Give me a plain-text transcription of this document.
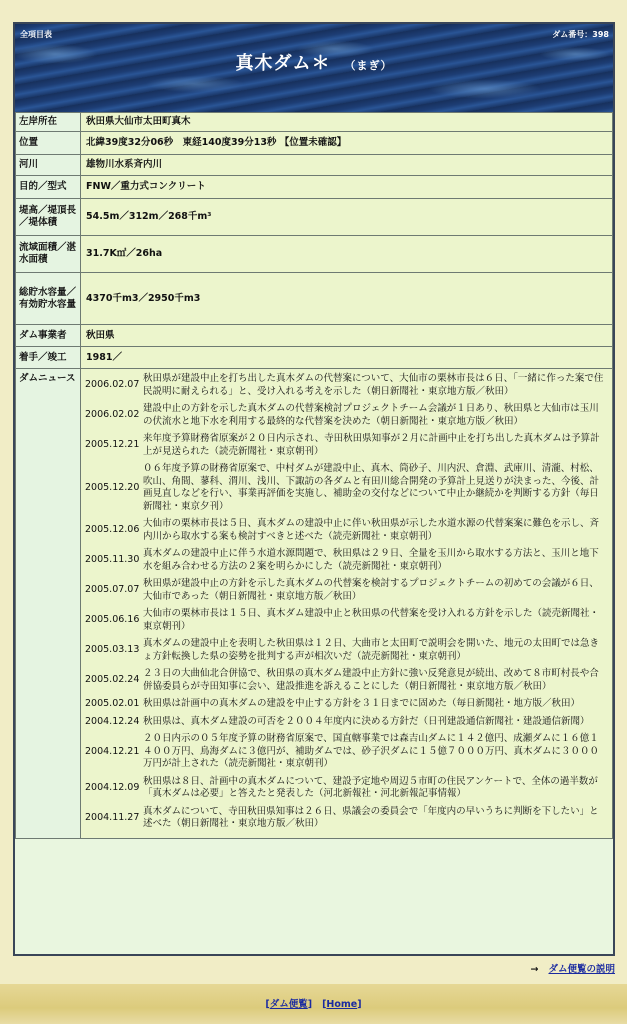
全項目表	ダム番号：398
真木ダム＊ （まぎ）
左岸所在	秋田県大仙市太田町真木
位置	北緯39度32分06秒　東経140度39分13秒 【位置未確認】
河川	雄物川水系斉内川
目的／型式	FNW／重力式コンクリート
堤高／堤頂長／堤体積	54.5m／312m／268千m³
流域面積／湛水面積	31.7K㎡／26ha
総貯水容量／有効貯水容量	4370千m3／2950千m3
ダム事業者	秋田県
着手／竣工	1981／
ダムニュース	
2006.02.07	秋田県が建設中止を打ち出した真木ダムの代替案について、大仙市の栗林市長は６日、「一緒に作った案で住民説明に耐えられる」と、受け入れる考えを示した（朝日新聞社・東京地方版／秋田）
2006.02.02	建設中止の方針を示した真木ダムの代替案検討プロジェクトチーム会議が１日あり、秋田県と大仙市は玉川の伏流水と地下水を利用する最終的な代替案を決めた（朝日新聞社・東京地方版／秋田）
2005.12.21	来年度予算財務省原案が２０日内示され、寺田秋田県知事が２月に計画中止を打ち出した真木ダムは予算計上が見送られた（読売新聞社・東京朝刊）
2005.12.20	０６年度予算の財務省原案で、中村ダムが建設中止、真木、筒砂子、川内沢、倉淵、武庫川、清瀧、村松、吹山、角間、蓼科、渭川、浅川、下諏訪の各ダムと有田川総合開発の予算計上見送りが決まった、今後、計画見直しなどを行い、事業再評価を実施し、補助金の交付などについて中止か継続かを判断する方針（毎日新聞社・東京夕刊）
2005.12.06	大仙市の栗林市長は５日、真木ダムの建設中止に伴い秋田県が示した水道水源の代替案案に難色を示し、斉内川から取水する案も検討すべきと述べた（読売新聞社・東京朝刊）
2005.11.30	真木ダムの建設中止に伴う水道水源問題で、秋田県は２９日、全量を玉川から取水する方法と、玉川と地下水を組み合わせる方法の２案を明らかにした（読売新聞社・東京朝刊）
2005.07.07	秋田県が建設中止の方針を示した真木ダムの代替案を検討するプロジェクトチームの初めての会議が６日、大仙市であった（朝日新聞社・東京地方版／秋田）
2005.06.16	大仙市の栗林市長は１５日、真木ダム建設中止と秋田県の代替案を受け入れる方針を示した（読売新聞社・東京朝刊）
2005.03.13	真木ダムの建設中止を表明した秋田県は１２日、大曲市と太田町で説明会を開いた、地元の太田町では急きょ方針転換した県の姿勢を批判する声が相次いだ（読売新聞社・東京朝刊）
2005.02.24	２３日の大曲仙北合併協で、秋田県の真木ダム建設中止方針に強い反発意見が続出、改めて８市町村長や合併協委員らが寺田知事に会い、建設推進を訴えることにした（朝日新聞社・東京地方版／秋田）
2005.02.01	秋田県は計画中の真木ダムの建設を中止する方針を３１日までに固めた（毎日新聞社・地方版／秋田）
2004.12.24	秋田県は、真木ダム建設の可否を２００４年度内に決める方針だ（日刊建設通信新聞社・建設通信新聞）
2004.12.21	２０日内示の０５年度予算の財務省原案で、国直轄事業では森吉山ダムに１４２億円、成瀬ダムに１６億１４００万円、鳥海ダムに３億円が、補助ダムでは、砂子沢ダムに１５億７０００万円、真木ダムに３０００万円が計上された（読売新聞社・東京朝刊）
2004.12.09	秋田県は８日、計画中の真木ダムについて、建設予定地や周辺５市町の住民アンケートで、全体の過半数が「真木ダムは必要」と答えたと発表した（河北新報社・河北新報記事情報）
2004.11.27	真木ダムについて、寺田秋田県知事は２６日、県議会の委員会で「年度内の早いうちに判断を下したい」と述べた（朝日新聞社・東京地方版／秋田）
→ ダム便覧の説明
[ダム便覧] [Home]
